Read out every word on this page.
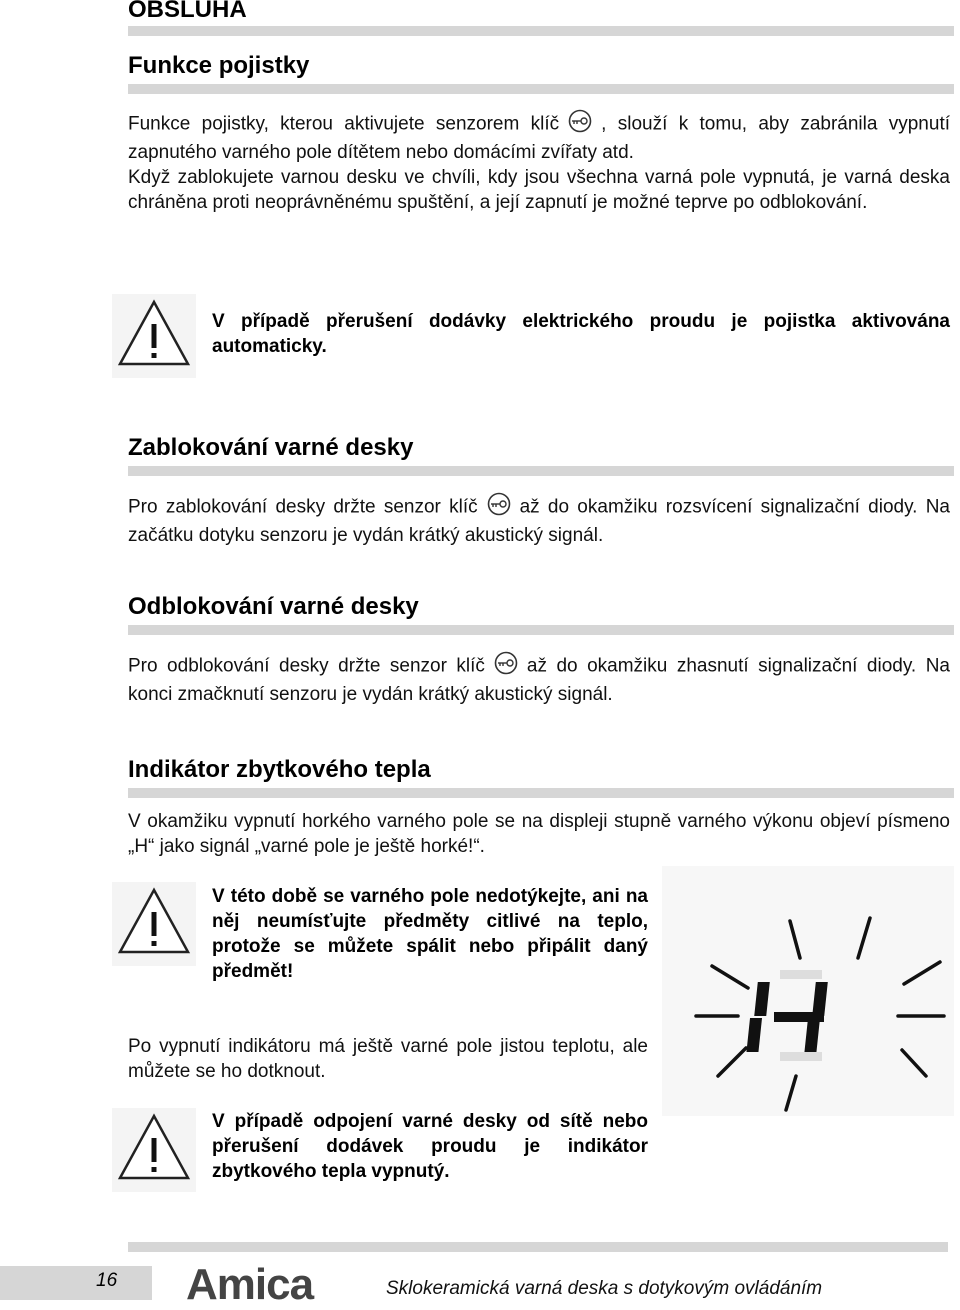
OBSLUHA
Funkce pojistky

Funkce pojistky, kterou aktivujete senzorem klíč , slouží k tomu, aby zabránila vypnutí zapnutého varného pole dítětem nebo domácími zvířaty atd.

Když zablokujete varnou desku ve chvíli, kdy jsou všechna varná pole vypnutá, je varná deska chráněna proti neoprávněnému spuštění, a její zapnutí je možné teprve po odblokování.

V případě přerušení dodávky elektrického proudu je pojistka aktivována automaticky.
Zablokování varné desky

Pro zablokování desky držte senzor klíč až do okamžiku rozsvícení signalizační diody. Na začátku dotyku senzoru je vydán krátký akustický signál.

Odblokování varné desky

Pro odblokování desky držte senzor klíč až do okamžiku zhasnutí signalizační diody. Na konci zmačknutí senzoru je vydán krátký akustický signál.

Indikátor zbytkového tepla
V okamžiku vypnutí horkého varného pole se na displeji stupně varného výkonu objeví písmeno „H“ jako signál „varné pole je ještě horké!“.
V této době se varného pole nedotýkejte, ani na něj neumísťujte předměty citlivé na teplo, protože se můžete spálit nebo připálit daný předmět!
Po vypnutí indikátoru má ještě varné pole jistou teplotu, ale můžete se ho dotknout.
V případě odpojení varné desky od sítě nebo přerušení dodávek proudu je indikátor zbytkového tepla vypnutý.
16 Amica	Sklokeramická varná deska s dotykovým ovládáním
